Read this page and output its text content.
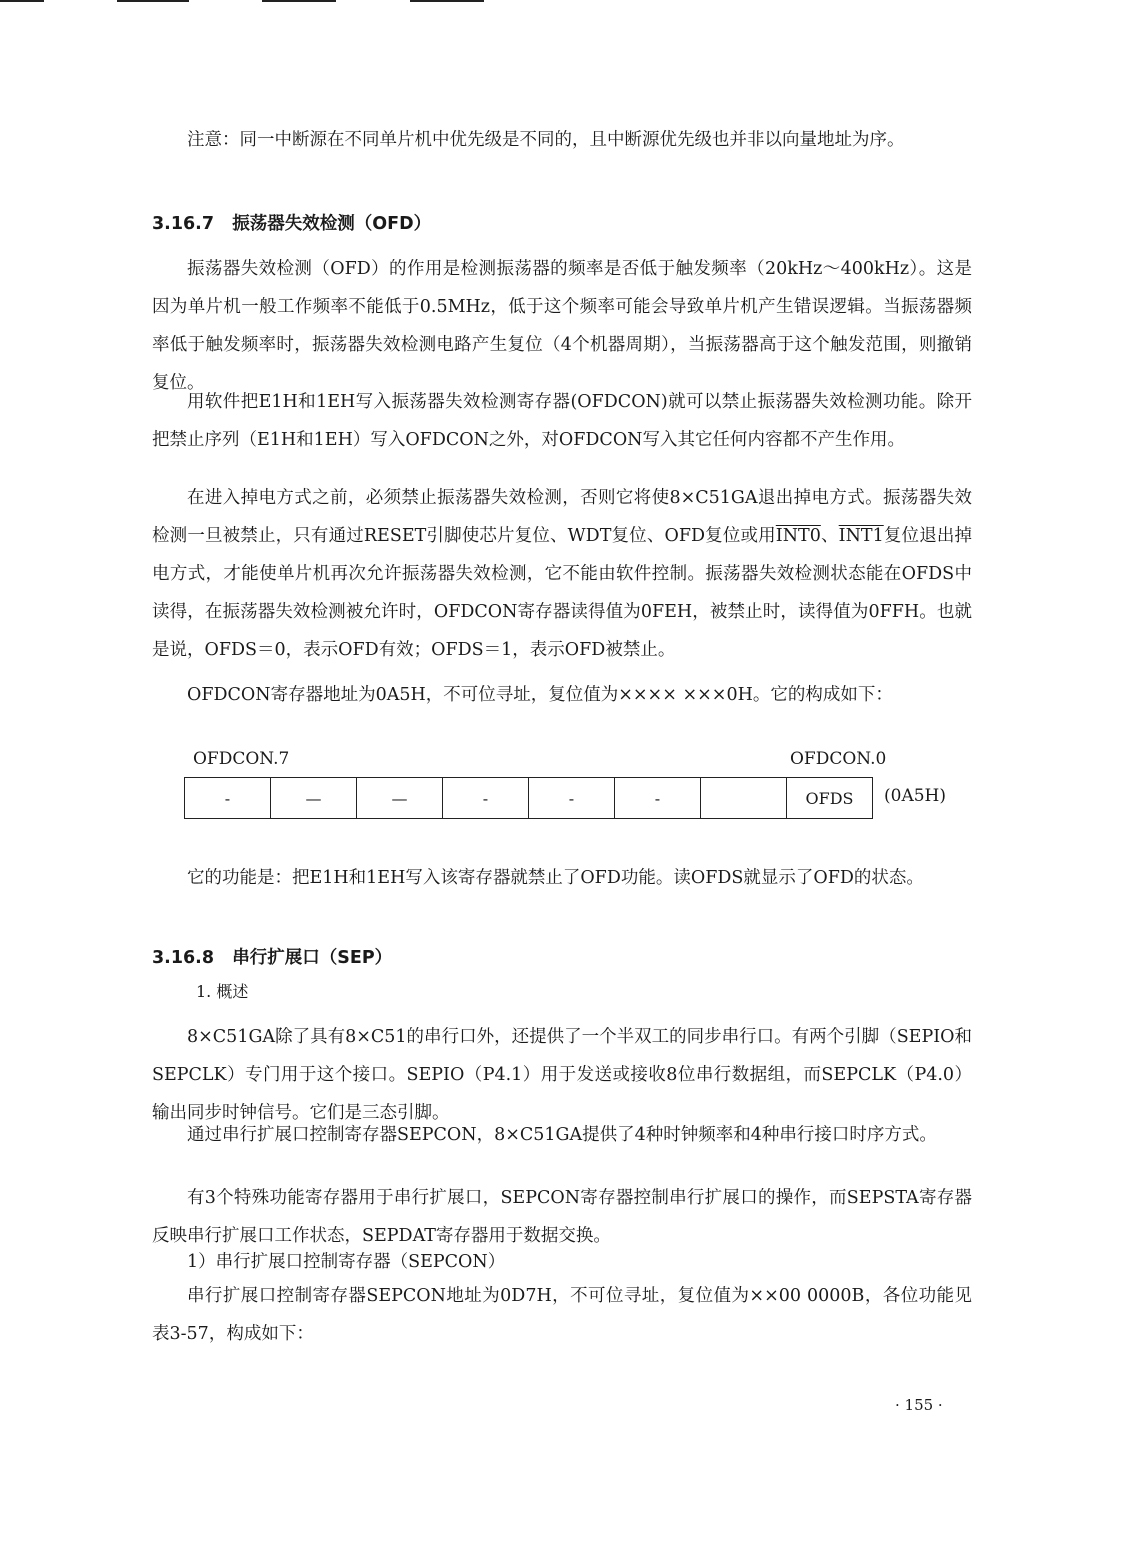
注意：同一中断源在不同单片机中优先级是不同的，且中断源优先级也并非以向量地址为序。

3.16.7 振荡器失效检测（OFD）

振荡器失效检测（OFD）的作用是检测振荡器的频率是否低于触发频率（20kHz～400kHz）。这是因为单片机一般工作频率不能低于0.5MHz，低于这个频率可能会导致单片机产生错误逻辑。当振荡器频率低于触发频率时，振荡器失效检测电路产生复位（4个机器周期），当振荡器高于这个触发范围，则撤销复位。

用软件把E1H和1EH写入振荡器失效检测寄存器(OFDCON)就可以禁止振荡器失效检测功能。除开把禁止序列（E1H和1EH）写入OFDCON之外，对OFDCON写入其它任何内容都不产生作用。

在进入掉电方式之前，必须禁止振荡器失效检测，否则它将使8×C51GA退出掉电方式。振荡器失效检测一旦被禁止，只有通过RESET引脚使芯片复位、WDT复位、OFD复位或用INT0、INT1复位退出掉电方式，才能使单片机再次允许振荡器失效检测，它不能由软件控制。振荡器失效检测状态能在OFDS中读得，在振荡器失效检测被允许时，OFDCON寄存器读得值为0FEH，被禁止时，读得值为0FFH。也就是说，OFDS＝0，表示OFD有效；OFDS＝1，表示OFD被禁止。

OFDCON寄存器地址为0A5H，不可位寻址，复位值为×××× ×××0H。它的构成如下：

OFDCON.7	OFDCON.0
-	—	—	-	-	-		OFDS (0A5H)

它的功能是：把E1H和1EH写入该寄存器就禁止了OFD功能。读OFDS就显示了OFD的状态。

3.16.8 串行扩展口（SEP）

1. 概述

8×C51GA除了具有8×C51的串行口外，还提供了一个半双工的同步串行口。有两个引脚（SEPIO和SEPCLK）专门用于这个接口。SEPIO（P4.1）用于发送或接收8位串行数据组，而SEPCLK（P4.0）输出同步时钟信号。它们是三态引脚。

通过串行扩展口控制寄存器SEPCON，8×C51GA提供了4种时钟频率和4种串行接口时序方式。

有3个特殊功能寄存器用于串行扩展口，SEPCON寄存器控制串行扩展口的操作，而SEPSTA寄存器反映串行扩展口工作状态，SEPDAT寄存器用于数据交换。

1）串行扩展口控制寄存器（SEPCON）

串行扩展口控制寄存器SEPCON地址为0D7H，不可位寻址，复位值为××00 0000B，各位功能见表3-57，构成如下：

· 155 ·
